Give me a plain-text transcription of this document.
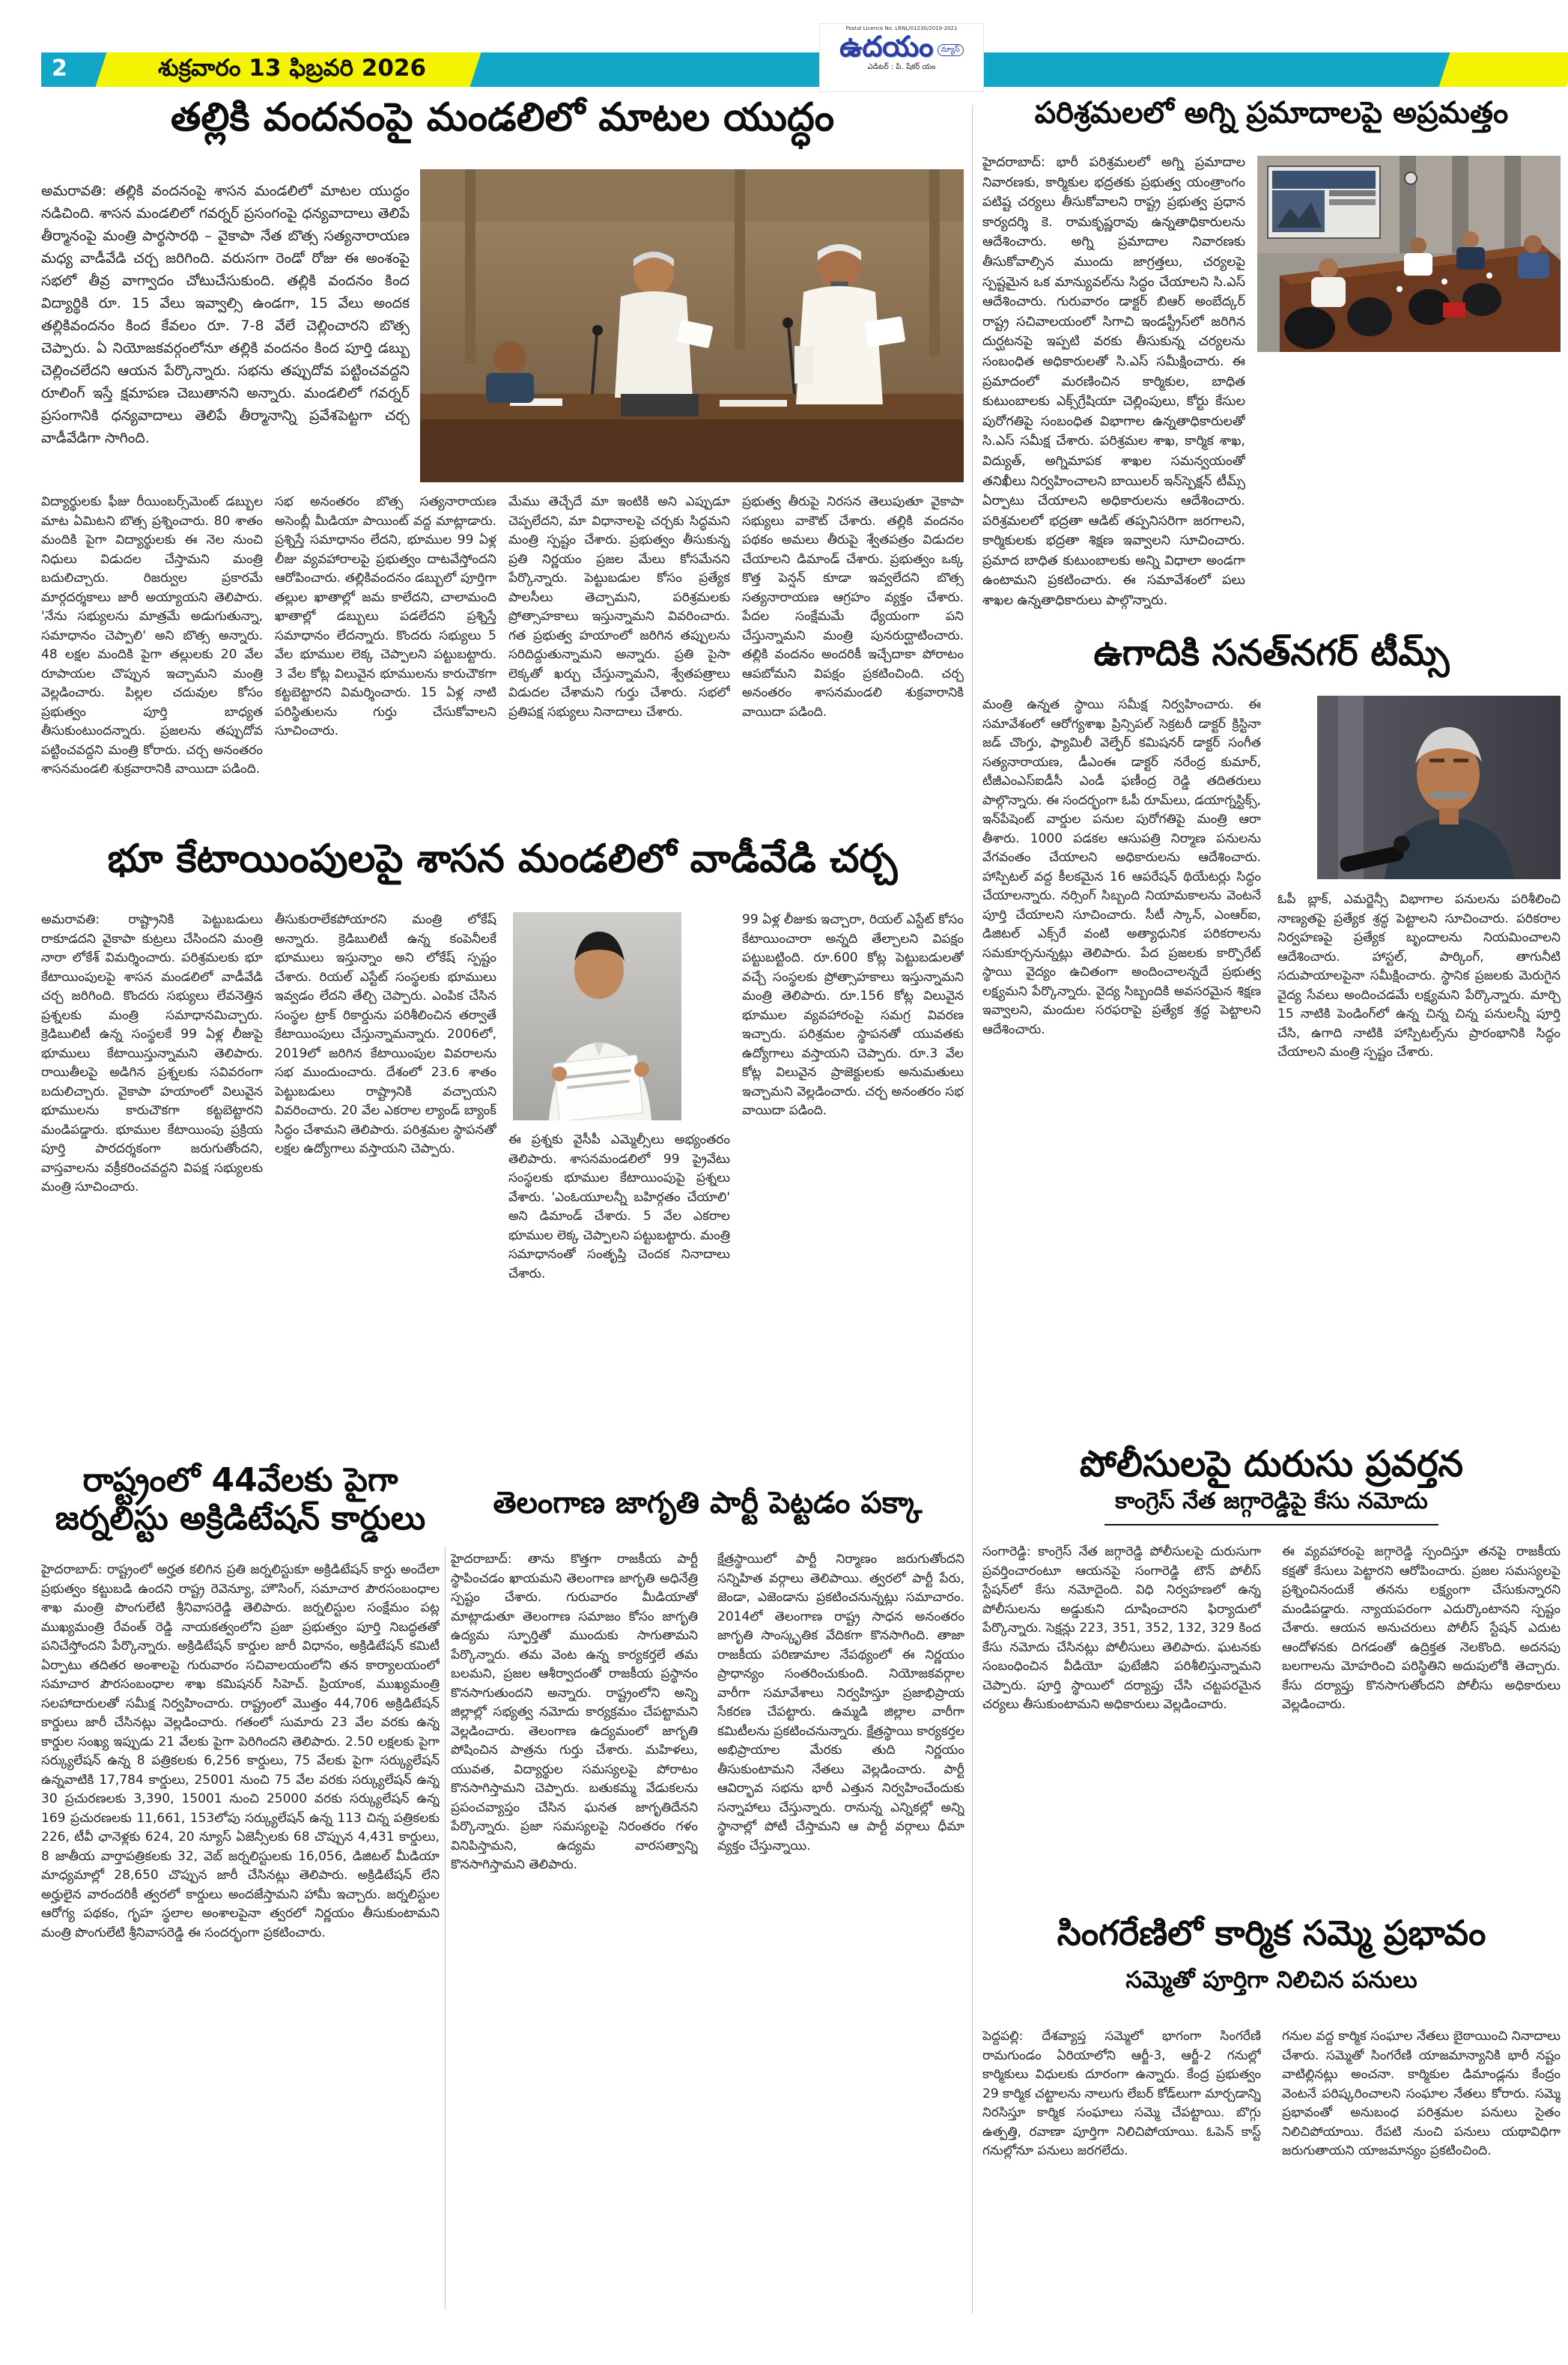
2	శుక్రవారం 13 ఫిబ్రవరి 2026
Postal Licence No. LRNL/01230/2019-2021
ఉదయం న్యూస్
ఎడిటర్ : పి. షేకర్ యం
తల్లికి వందనంపై మండలిలో మాటల యుద్ధం
అమరావతి: తల్లికి వందనంపై శాసన మండలిలో మాటల యుద్ధం నడిచింది. శాసన మండలిలో గవర్నర్ ప్రసంగంపై ధన్యవాదాలు తెలిపే తీర్మానంపై మంత్రి పార్థసారథి – వైకాపా నేత బొత్స సత్యనారాయణ మధ్య వాడీవేడి చర్చ జరిగింది. వరుసగా రెండో రోజు ఈ అంశంపై సభలో తీవ్ర వాగ్వాదం చోటుచేసుకుంది. తల్లికి వందనం కింద విద్యార్థికి రూ. 15 వేలు ఇవ్వాల్సి ఉండగా, 15 వేలు అందక తల్లికివందనం కింద కేవలం రూ. 7-8 వేలే చెల్లించారని బొత్స చెప్పారు. ఏ నియోజకవర్గంలోనూ తల్లికి వందనం కింద పూర్తి డబ్బు చెల్లించలేదని ఆయన పేర్కొన్నారు. సభను తప్పుదోవ పట్టించవద్దని రూలింగ్ ఇస్తే క్షమాపణ చెబుతానని అన్నారు. మండలిలో గవర్నర్ ప్రసంగానికి ధన్యవాదాలు తెలిపే తీర్మానాన్ని ప్రవేశపెట్టగా చర్చ వాడీవేడిగా సాగింది.
విద్యార్థులకు ఫీజు రీయింబర్స్‌మెంట్ డబ్బుల మాట ఏమిటని బొత్స ప్రశ్నించారు. 80 శాతం మందికి పైగా విద్యార్థులకు ఈ నెల నుంచి నిధులు విడుదల చేస్తామని మంత్రి బదులిచ్చారు. రిజర్వుల ప్రకారమే మార్గదర్శకాలు జారీ అయ్యాయని తెలిపారు. 'నేను సభ్యులను మాత్రమే అడుగుతున్నా, సమాధానం చెప్పాలి' అని బొత్స అన్నారు. 48 లక్షల మందికి పైగా తల్లులకు 20 వేల రూపాయల చొప్పున ఇచ్చామని మంత్రి వెల్లడించారు. పిల్లల చదువుల కోసం ప్రభుత్వం పూర్తి బాధ్యత తీసుకుంటుందన్నారు. ప్రజలను తప్పుదోవ పట్టించవద్దని మంత్రి కోరారు. చర్చ అనంతరం శాసనమండలి శుక్రవారానికి వాయిదా పడింది.
సభ అనంతరం బొత్స సత్యనారాయణ అసెంబ్లీ మీడియా పాయింట్ వద్ద మాట్లాడారు. ప్రశ్నిస్తే సమాధానం లేదని, భూముల 99 ఏళ్ల లీజు వ్యవహారాలపై ప్రభుత్వం దాటవేస్తోందని ఆరోపించారు. తల్లికివందనం డబ్బులో పూర్తిగా తల్లుల ఖాతాల్లో జమ కాలేదని, చాలామంది ఖాతాల్లో డబ్బులు పడలేదని ప్రశ్నిస్తే సమాధానం లేదన్నారు. కొందరు సభ్యులు 5 వేల భూముల లెక్క చెప్పాలని పట్టుబట్టారు. 3 వేల కోట్ల విలువైన భూములను కారుచౌకగా కట్టబెట్టారని విమర్శించారు. 15 ఏళ్ల నాటి పరిస్థితులను గుర్తు చేసుకోవాలని సూచించారు.
మేము తెచ్చేదే మా ఇంటికి అని ఎప్పుడూ చెప్పలేదని, మా విధానాలపై చర్చకు సిద్ధమని మంత్రి స్పష్టం చేశారు. ప్రభుత్వం తీసుకున్న ప్రతి నిర్ణయం ప్రజల మేలు కోసమేనని పేర్కొన్నారు. పెట్టుబడుల కోసం ప్రత్యేక పాలసీలు తెచ్చామని, పరిశ్రమలకు ప్రోత్సాహకాలు ఇస్తున్నామని వివరించారు. గత ప్రభుత్వ హయాంలో జరిగిన తప్పులను సరిదిద్దుతున్నామని అన్నారు. ప్రతి పైసా లెక్కతో ఖర్చు చేస్తున్నామని, శ్వేతపత్రాలు విడుదల చేశామని గుర్తు చేశారు. సభలో ప్రతిపక్ష సభ్యులు నినాదాలు చేశారు.
ప్రభుత్వ తీరుపై నిరసన తెలుపుతూ వైకాపా సభ్యులు వాకౌట్ చేశారు. తల్లికి వందనం పథకం అమలు తీరుపై శ్వేతపత్రం విడుదల చేయాలని డిమాండ్ చేశారు. ప్రభుత్వం ఒక్క కొత్త పెన్షన్ కూడా ఇవ్వలేదని బొత్స సత్యనారాయణ ఆగ్రహం వ్యక్తం చేశారు. పేదల సంక్షేమమే ధ్యేయంగా పని చేస్తున్నామని మంత్రి పునరుద్ఘాటించారు. తల్లికి వందనం అందరికీ ఇచ్చేదాకా పోరాటం ఆపబోమని విపక్షం ప్రకటించింది. చర్చ అనంతరం శాసనమండలి శుక్రవారానికి వాయిదా పడింది.
పరిశ్రమలలో అగ్ని ప్రమాదాలపై అప్రమత్తం
హైదరాబాద్: భారీ పరిశ్రమలలో అగ్ని ప్రమాదాల నివారణకు, కార్మికుల భద్రతకు ప్రభుత్వ యంత్రాంగం పటిష్ట చర్యలు తీసుకోవాలని రాష్ట్ర ప్రభుత్వ ప్రధాన కార్యదర్శి కె. రామకృష్ణరావు ఉన్నతాధికారులను ఆదేశించారు. అగ్ని ప్రమాదాల నివారణకు తీసుకోవాల్సిన ముందు జాగ్రత్తలు, చర్యలపై స్పష్టమైన ఒక మాన్యువల్‌ను సిద్ధం చేయాలని సి.ఎస్ ఆదేశించారు. గురువారం డాక్టర్ బిఆర్ అంబేద్కర్ రాష్ట్ర సచివాలయంలో సిగాచి ఇండస్ట్రీస్‌లో జరిగిన దుర్ఘటనపై ఇప్పటి వరకు తీసుకున్న చర్యలను సంబంధిత అధికారులతో సి.ఎస్ సమీక్షించారు. ఈ ప్రమాదంలో మరణించిన కార్మికుల, బాధిత కుటుంబాలకు ఎక్స్‌గ్రేషియా చెల్లింపులు, కోర్టు కేసుల పురోగతిపై సంబంధిత విభాగాల ఉన్నతాధికారులతో సి.ఎస్ సమీక్ష చేశారు. పరిశ్రమల శాఖ, కార్మిక శాఖ, విద్యుత్, అగ్నిమాపక శాఖల సమన్వయంతో తనిఖీలు నిర్వహించాలని బాయిలర్ ఇన్‌స్పెక్షన్ టీమ్స్ ఏర్పాటు చేయాలని అధికారులను ఆదేశించారు. పరిశ్రమలలో భద్రతా ఆడిట్ తప్పనిసరిగా జరగాలని, కార్మికులకు భద్రతా శిక్షణ ఇవ్వాలని సూచించారు. ప్రమాద బాధిత కుటుంబాలకు అన్ని విధాలా అండగా ఉంటామని ప్రకటించారు. ఈ సమావేశంలో పలు శాఖల ఉన్నతాధికారులు పాల్గొన్నారు.
ఉగాదికి సనత్‌నగర్ టీమ్స్
మంత్రి ఉన్నత స్థాయి సమీక్ష నిర్వహించారు. ఈ సమావేశంలో ఆరోగ్యశాఖ ప్రిన్సిపల్ సెక్రటరీ డాక్టర్ క్రిస్టినా జడ్ చొంగ్తు, ఫ్యామిలీ వెల్ఫేర్ కమిషనర్ డాక్టర్ సంగీత సత్యనారాయణ, డీఎంఈ డాక్టర్ నరేంద్ర కుమార్, టీజీఎంఎస్ఐడీసీ ఎండీ ఫణీంద్ర రెడ్డి తదితరులు పాల్గొన్నారు. ఈ సందర్భంగా ఓపీ రూమ్‌లు, డయాగ్నస్టిక్స్, ఇన్‌పేషెంట్ వార్డుల పనుల పురోగతిపై మంత్రి ఆరా తీశారు. 1000 పడకల ఆసుపత్రి నిర్మాణ పనులను వేగవంతం చేయాలని అధికారులను ఆదేశించారు. హాస్పిటల్ వద్ద కీలకమైన 16 ఆపరేషన్ థియేటర్లు సిద్ధం చేయాలన్నారు. నర్సింగ్ సిబ్బంది నియామకాలను వెంటనే పూర్తి చేయాలని సూచించారు. సీటీ స్కాన్, ఎంఆర్ఐ, డిజిటల్ ఎక్స్‌రే వంటి అత్యాధునిక పరికరాలను సమకూర్చనున్నట్లు తెలిపారు. పేద ప్రజలకు కార్పొరేట్ స్థాయి వైద్యం ఉచితంగా అందించాలన్నదే ప్రభుత్వ లక్ష్యమని పేర్కొన్నారు. వైద్య సిబ్బందికి అవసరమైన శిక్షణ ఇవ్వాలని, మందుల సరఫరాపై ప్రత్యేక శ్రద్ధ పెట్టాలని ఆదేశించారు.
ఓపీ బ్లాక్, ఎమర్జెన్సీ విభాగాల పనులను పరిశీలించి నాణ్యతపై ప్రత్యేక శ్రద్ధ పెట్టాలని సూచించారు. పరికరాల నిర్వహణపై ప్రత్యేక బృందాలను నియమించాలని ఆదేశించారు. హాస్టల్, పార్కింగ్, తాగునీటి సదుపాయాలపైనా సమీక్షించారు. స్థానిక ప్రజలకు మెరుగైన వైద్య సేవలు అందించడమే లక్ష్యమని పేర్కొన్నారు. మార్చి 15 నాటికి పెండింగ్‌లో ఉన్న చిన్న చిన్న పనులన్నీ పూర్తి చేసి, ఉగాది నాటికి హాస్పిటల్స్‌ను ప్రారంభానికి సిద్ధం చేయాలని మంత్రి స్పష్టం చేశారు.
భూ కేటాయింపులపై శాసన మండలిలో వాడీవేడి చర్చ
అమరావతి: రాష్ట్రానికి పెట్టుబడులు రాకూడదని వైకాపా కుట్రలు చేసిందని మంత్రి నారా లోకేశ్ విమర్శించారు. పరిశ్రమలకు భూ కేటాయింపులపై శాసన మండలిలో వాడీవేడి చర్చ జరిగింది. కొందరు సభ్యులు లేవనెత్తిన ప్రశ్నలకు మంత్రి సమాధానమిచ్చారు. క్రెడిబులిటీ ఉన్న సంస్థలకే 99 ఏళ్ల లీజుపై భూములు కేటాయిస్తున్నామని తెలిపారు. రాయితీలపై అడిగిన ప్రశ్నలకు సవివరంగా బదులిచ్చారు. వైకాపా హయాంలో విలువైన భూములను కారుచౌకగా కట్టబెట్టారని మండిపడ్డారు. భూముల కేటాయింపు ప్రక్రియ పూర్తి పారదర్శకంగా జరుగుతోందని, వాస్తవాలను వక్రీకరించవద్దని విపక్ష సభ్యులకు మంత్రి సూచించారు.
తీసుకురాలేకపోయారని మంత్రి లోకేష్ అన్నారు. క్రెడిబులిటీ ఉన్న కంపెనీలకే భూములు ఇస్తున్నాం అని లోకేష్ స్పష్టం చేశారు. రియల్ ఎస్టేట్ సంస్థలకు భూములు ఇవ్వడం లేదని తేల్చి చెప్పారు. ఎంపిక చేసిన సంస్థల ట్రాక్ రికార్డును పరిశీలించిన తర్వాతే కేటాయింపులు చేస్తున్నామన్నారు. 2006లో, 2019లో జరిగిన కేటాయింపుల వివరాలను సభ ముందుంచారు. దేశంలో 23.6 శాతం పెట్టుబడులు రాష్ట్రానికి వచ్చాయని వివరించారు. 20 వేల ఎకరాల ల్యాండ్ బ్యాంక్ సిద్ధం చేశామని తెలిపారు. పరిశ్రమల స్థాపనతో లక్షల ఉద్యోగాలు వస్తాయని చెప్పారు.
ఈ ప్రశ్నకు వైసీపీ ఎమ్మెల్సీలు అభ్యంతరం తెలిపారు. శాసనమండలిలో 99 ప్రైవేటు సంస్థలకు భూముల కేటాయింపుపై ప్రశ్నలు వేశారు. 'ఎంఓయూలన్నీ బహిర్గతం చేయాలి' అని డిమాండ్ చేశారు. 5 వేల ఎకరాల భూముల లెక్క చెప్పాలని పట్టుబట్టారు. మంత్రి సమాధానంతో సంతృప్తి చెందక నినాదాలు చేశారు.
99 ఏళ్ల లీజుకు ఇచ్చారా, రియల్ ఎస్టేట్ కోసం కేటాయించారా అన్నది తేల్చాలని విపక్షం పట్టుబట్టింది. రూ.600 కోట్ల పెట్టుబడులతో వచ్చే సంస్థలకు ప్రోత్సాహకాలు ఇస్తున్నామని మంత్రి తెలిపారు. రూ.156 కోట్ల విలువైన భూముల వ్యవహారంపై సమగ్ర వివరణ ఇచ్చారు. పరిశ్రమల స్థాపనతో యువతకు ఉద్యోగాలు వస్తాయని చెప్పారు. రూ.3 వేల కోట్ల విలువైన ప్రాజెక్టులకు అనుమతులు ఇచ్చామని వెల్లడించారు. చర్చ అనంతరం సభ వాయిదా పడింది.
రాష్ట్రంలో 44వేలకు పైగా
జర్నలిస్టు అక్రిడిటేషన్ కార్డులు
హైదరాబాద్: రాష్ట్రంలో అర్హత కలిగిన ప్రతి జర్నలిస్టుకూ అక్రిడిటేషన్ కార్డు అందేలా ప్రభుత్వం కట్టుబడి ఉందని రాష్ట్ర రెవెన్యూ, హౌసింగ్, సమాచార పౌరసంబంధాల శాఖ మంత్రి పొంగులేటి శ్రీనివాసరెడ్డి తెలిపారు. జర్నలిస్టుల సంక్షేమం పట్ల ముఖ్యమంత్రి రేవంత్ రెడ్డి నాయకత్వంలోని ప్రజా ప్రభుత్వం పూర్తి నిబద్ధతతో పనిచేస్తోందని పేర్కొన్నారు. అక్రిడిటేషన్ కార్డుల జారీ విధానం, అక్రిడిటేషన్ కమిటీ ఏర్పాటు తదితర అంశాలపై గురువారం సచివాలయంలోని తన కార్యాలయంలో సమాచార పౌరసంబంధాల శాఖ కమిషనర్ సిహెచ్. ప్రియాంక, ముఖ్యమంత్రి సలహాదారులతో సమీక్ష నిర్వహించారు. రాష్ట్రంలో మొత్తం 44,706 అక్రిడిటేషన్ కార్డులు జారీ చేసినట్లు వెల్లడించారు. గతంలో సుమారు 23 వేల వరకు ఉన్న కార్డుల సంఖ్య ఇప్పుడు 21 వేలకు పైగా పెరిగిందని తెలిపారు. 2.50 లక్షలకు పైగా సర్క్యులేషన్ ఉన్న 8 పత్రికలకు 6,256 కార్డులు, 75 వేలకు పైగా సర్క్యులేషన్ ఉన్నవాటికి 17,784 కార్డులు, 25001 నుంచి 75 వేల వరకు సర్క్యులేషన్ ఉన్న 30 ప్రచురణలకు 3,390, 15001 నుంచి 25000 వరకు సర్క్యులేషన్ ఉన్న 169 ప్రచురణలకు 11,661, 153లోపు సర్క్యులేషన్ ఉన్న 113 చిన్న పత్రికలకు 226, టీవీ ఛానెళ్లకు 624, 20 న్యూస్ ఏజెన్సీలకు 68 చొప్పున 4,431 కార్డులు, 8 జాతీయ వార్తాపత్రికలకు 32, వెబ్ జర్నలిస్టులకు 16,056, డిజిటల్ మీడియా మాధ్యమాల్లో 28,650 చొప్పున జారీ చేసినట్లు తెలిపారు. అక్రిడిటేషన్ లేని అర్హులైన వారందరికీ త్వరలో కార్డులు అందజేస్తామని హామీ ఇచ్చారు. జర్నలిస్టుల ఆరోగ్య పథకం, గృహ స్థలాల అంశాలపైనా త్వరలో నిర్ణయం తీసుకుంటామని మంత్రి పొంగులేటి శ్రీనివాసరెడ్డి ఈ సందర్భంగా ప్రకటించారు.
తెలంగాణ జాగృతి పార్టీ పెట్టడం పక్కా
హైదరాబాద్: తాను కొత్తగా రాజకీయ పార్టీ స్థాపించడం ఖాయమని తెలంగాణ జాగృతి అధినేత్రి స్పష్టం చేశారు. గురువారం మీడియాతో మాట్లాడుతూ తెలంగాణ సమాజం కోసం జాగృతి ఉద్యమ స్ఫూర్తితో ముందుకు సాగుతామని పేర్కొన్నారు. తమ వెంట ఉన్న కార్యకర్తలే తమ బలమని, ప్రజల ఆశీర్వాదంతో రాజకీయ ప్రస్థానం కొనసాగుతుందని అన్నారు. రాష్ట్రంలోని అన్ని జిల్లాల్లో సభ్యత్వ నమోదు కార్యక్రమం చేపట్టామని వెల్లడించారు. తెలంగాణ ఉద్యమంలో జాగృతి పోషించిన పాత్రను గుర్తు చేశారు. మహిళలు, యువత, విద్యార్థుల సమస్యలపై పోరాటం కొనసాగిస్తామని చెప్పారు. బతుకమ్మ వేడుకలను ప్రపంచవ్యాప్తం చేసిన ఘనత జాగృతిదేనని పేర్కొన్నారు. ప్రజా సమస్యలపై నిరంతరం గళం వినిపిస్తామని, ఉద్యమ వారసత్వాన్ని కొనసాగిస్తామని తెలిపారు.
క్షేత్రస్థాయిలో పార్టీ నిర్మాణం జరుగుతోందని సన్నిహిత వర్గాలు తెలిపాయి. త్వరలో పార్టీ పేరు, జెండా, ఎజెండాను ప్రకటించనున్నట్లు సమాచారం. 2014లో తెలంగాణ రాష్ట్ర సాధన అనంతరం జాగృతి సాంస్కృతిక వేదికగా కొనసాగింది. తాజా రాజకీయ పరిణామాల నేపథ్యంలో ఈ నిర్ణయం ప్రాధాన్యం సంతరించుకుంది. నియోజకవర్గాల వారీగా సమావేశాలు నిర్వహిస్తూ ప్రజాభిప్రాయ సేకరణ చేపట్టారు. ఉమ్మడి జిల్లాల వారీగా కమిటీలను ప్రకటించనున్నారు. క్షేత్రస్థాయి కార్యకర్తల అభిప్రాయాల మేరకు తుది నిర్ణయం తీసుకుంటామని నేతలు వెల్లడించారు. పార్టీ ఆవిర్భావ సభను భారీ ఎత్తున నిర్వహించేందుకు సన్నాహాలు చేస్తున్నారు. రానున్న ఎన్నికల్లో అన్ని స్థానాల్లో పోటీ చేస్తామని ఆ పార్టీ వర్గాలు ధీమా వ్యక్తం చేస్తున్నాయి.
పోలీసులపై దురుసు ప్రవర్తన
కాంగ్రెస్ నేత జగ్గారెడ్డిపై కేసు నమోదు
సంగారెడ్డి: కాంగ్రెస్ నేత జగ్గారెడ్డి పోలీసులపై దురుసుగా ప్రవర్తించారంటూ ఆయనపై సంగారెడ్డి టౌన్ పోలీస్ స్టేషన్‌లో కేసు నమోదైంది. విధి నిర్వహణలో ఉన్న పోలీసులను అడ్డుకుని దూషించారని ఫిర్యాదులో పేర్కొన్నారు. సెక్షన్లు 223, 351, 352, 132, 329 కింద కేసు నమోదు చేసినట్లు పోలీసులు తెలిపారు. ఘటనకు సంబంధించిన వీడియో ఫుటేజీని పరిశీలిస్తున్నామని చెప్పారు. పూర్తి స్థాయిలో దర్యాప్తు చేసి చట్టపరమైన చర్యలు తీసుకుంటామని అధికారులు వెల్లడించారు.
ఈ వ్యవహారంపై జగ్గారెడ్డి స్పందిస్తూ తనపై రాజకీయ కక్షతో కేసులు పెట్టారని ఆరోపించారు. ప్రజల సమస్యలపై ప్రశ్నించినందుకే తనను లక్ష్యంగా చేసుకున్నారని మండిపడ్డారు. న్యాయపరంగా ఎదుర్కొంటానని స్పష్టం చేశారు. ఆయన అనుచరులు పోలీస్ స్టేషన్ ఎదుట ఆందోళనకు దిగడంతో ఉద్రిక్తత నెలకొంది. అదనపు బలగాలను మోహరించి పరిస్థితిని అదుపులోకి తెచ్చారు. కేసు దర్యాప్తు కొనసాగుతోందని పోలీసు అధికారులు వెల్లడించారు.
సింగరేణిలో కార్మిక సమ్మె ప్రభావం
సమ్మెతో పూర్తిగా నిలిచిన పనులు
పెద్దపల్లి: దేశవ్యాప్త సమ్మెలో భాగంగా సింగరేణి రామగుండం ఏరియాలోని ఆర్జీ-3, ఆర్జీ-2 గనుల్లో కార్మికులు విధులకు దూరంగా ఉన్నారు. కేంద్ర ప్రభుత్వం 29 కార్మిక చట్టాలను నాలుగు లేబర్ కోడ్‌లుగా మార్చడాన్ని నిరసిస్తూ కార్మిక సంఘాలు సమ్మె చేపట్టాయి. బొగ్గు ఉత్పత్తి, రవాణా పూర్తిగా నిలిచిపోయాయి. ఓపెన్ కాస్ట్ గనుల్లోనూ పనులు జరగలేదు.
గనుల వద్ద కార్మిక సంఘాల నేతలు బైఠాయించి నినాదాలు చేశారు. సమ్మెతో సింగరేణి యాజమాన్యానికి భారీ నష్టం వాటిల్లినట్లు అంచనా. కార్మికుల డిమాండ్లను కేంద్రం వెంటనే పరిష్కరించాలని సంఘాల నేతలు కోరారు. సమ్మె ప్రభావంతో అనుబంధ పరిశ్రమల పనులు సైతం నిలిచిపోయాయి. రేపటి నుంచి పనులు యథావిధిగా జరుగుతాయని యాజమాన్యం ప్రకటించింది.
